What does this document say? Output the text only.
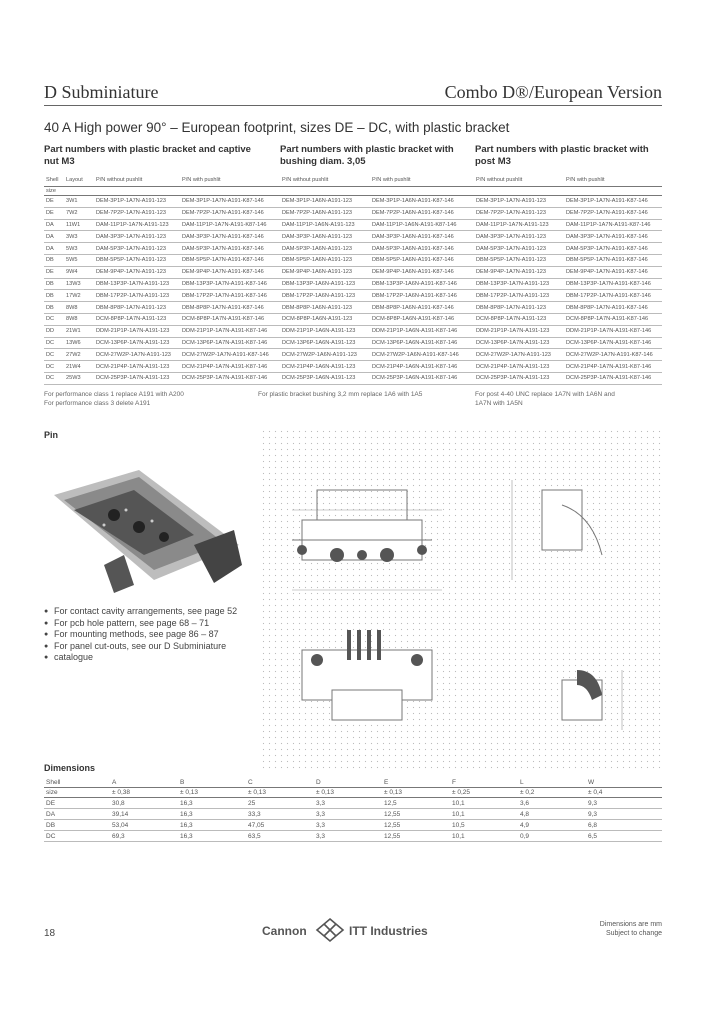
D Subminiature	Combo D®/European Version
40 A High power 90° – European footprint, sizes DE – DC, with plastic bracket
Part numbers with plastic bracket and captive nut M3
Part numbers with plastic bracket with bushing diam. 3,05
Part numbers with plastic bracket with post M3
Shell	Layout	P/N without pushlit	P/N with pushlit	P/N without pushlit	P/N with pushlit	P/N without pushlit	P/N with pushlit
size							
DE	3W1	DEM-3P1P-1A7N-A191-123	DEM-3P1P-1A7N-A191-K87-146	DEM-3P1P-1A6N-A191-123	DEM-3P1P-1A6N-A191-K87-146	DEM-3P1P-1A7N-A191-123	DEM-3P1P-1A7N-A191-K87-146
DE	7W2	DEM-7P2P-1A7N-A191-123	DEM-7P2P-1A7N-A191-K87-146	DEM-7P2P-1A6N-A191-123	DEM-7P2P-1A6N-A191-K87-146	DEM-7P2P-1A7N-A191-123	DEM-7P2P-1A7N-A191-K87-146
DA	11W1	DAM-11P1P-1A7N-A191-123	DAM-11P1P-1A7N-A191-K87-146	DAM-11P1P-1A6N-A191-123	DAM-11P1P-1A6N-A191-K87-146	DAM-11P1P-1A7N-A191-123	DAM-11P1P-1A7N-A191-K87-146
DA	3W3	DAM-3P3P-1A7N-A191-123	DAM-3P3P-1A7N-A191-K87-146	DAM-3P3P-1A6N-A191-123	DAM-3P3P-1A6N-A191-K87-146	DAM-3P3P-1A7N-A191-123	DAM-3P3P-1A7N-A191-K87-146
DA	5W3	DAM-5P3P-1A7N-A191-123	DAM-5P3P-1A7N-A191-K87-146	DAM-5P3P-1A6N-A191-123	DAM-5P3P-1A6N-A191-K87-146	DAM-5P3P-1A7N-A191-123	DAM-5P3P-1A7N-A191-K87-146
DB	5W5	DBM-5P5P-1A7N-A191-123	DBM-5P5P-1A7N-A191-K87-146	DBM-5P5P-1A6N-A191-123	DBM-5P5P-1A6N-A191-K87-146	DBM-5P5P-1A7N-A191-123	DBM-5P5P-1A7N-A191-K87-146
DE	9W4	DEM-9P4P-1A7N-A191-123	DEM-9P4P-1A7N-A191-K87-146	DEM-9P4P-1A6N-A191-123	DEM-9P4P-1A6N-A191-K87-146	DEM-9P4P-1A7N-A191-123	DEM-9P4P-1A7N-A191-K87-146
DB	13W3	DBM-13P3P-1A7N-A191-123	DBM-13P3P-1A7N-A191-K87-146	DBM-13P3P-1A6N-A191-123	DBM-13P3P-1A6N-A191-K87-146	DBM-13P3P-1A7N-A191-123	DBM-13P3P-1A7N-A191-K87-146
DB	17W2	DBM-17P2P-1A7N-A191-123	DBM-17P2P-1A7N-A191-K87-146	DBM-17P2P-1A6N-A191-123	DBM-17P2P-1A6N-A191-K87-146	DBM-17P2P-1A7N-A191-123	DBM-17P2P-1A7N-A191-K87-146
DB	8W8	DBM-8P8P-1A7N-A191-123	DBM-8P8P-1A7N-A191-K87-146	DBM-8P8P-1A6N-A191-123	DBM-8P8P-1A6N-A191-K87-146	DBM-8P8P-1A7N-A191-123	DBM-8P8P-1A7N-A191-K87-146
DC	8W8	DCM-8P8P-1A7N-A191-123	DCM-8P8P-1A7N-A191-K87-146	DCM-8P8P-1A6N-A191-123	DCM-8P8P-1A6N-A191-K87-146	DCM-8P8P-1A7N-A191-123	DCM-8P8P-1A7N-A191-K87-146
DD	21W1	DDM-21P1P-1A7N-A191-123	DDM-21P1P-1A7N-A191-K87-146	DDM-21P1P-1A6N-A191-123	DDM-21P1P-1A6N-A191-K87-146	DDM-21P1P-1A7N-A191-123	DDM-21P1P-1A7N-A191-K87-146
DC	13W6	DCM-13P6P-1A7N-A191-123	DCM-13P6P-1A7N-A191-K87-146	DCM-13P6P-1A6N-A191-123	DCM-13P6P-1A6N-A191-K87-146	DCM-13P6P-1A7N-A191-123	DCM-13P6P-1A7N-A191-K87-146
DC	27W2	DCM-27W2P-1A7N-A191-123	DCM-27W2P-1A7N-A191-K87-146	DCM-27W2P-1A6N-A191-123	DCM-27W2P-1A6N-A191-K87-146	DCM-27W2P-1A7N-A191-123	DCM-27W2P-1A7N-A191-K87-146
DC	21W4	DCM-21P4P-1A7N-A191-123	DCM-21P4P-1A7N-A191-K87-146	DCM-21P4P-1A6N-A191-123	DCM-21P4P-1A6N-A191-K87-146	DCM-21P4P-1A7N-A191-123	DCM-21P4P-1A7N-A191-K87-146
DC	25W3	DCM-25P3P-1A7N-A191-123	DCM-25P3P-1A7N-A191-K87-146	DCM-25P3P-1A6N-A191-123	DCM-25P3P-1A6N-A191-K87-146	DCM-25P3P-1A7N-A191-123	DCM-25P3P-1A7N-A191-K87-146
For performance class 1 replace A191 with A200
For performance class 3 delete A191
For plastic bracket bushing 3,2 mm replace 1A6 with 1A5	For post 4-40 UNC replace 1A7N with 1A6N and
1A7N with 1A5N
Pin
● For contact cavity arrangements, see page 52
● For pcb hole pattern, see page 68 – 71
● For mounting methods, see page 86 – 87
● For panel cut-outs, see our D Subminiature
● catalogue
Dimensions
Shell	A	B	C	D	E	F	L	W
size	± 0,38	± 0,13	± 0,13	± 0,13	± 0,13	± 0,25	± 0,2	± 0,4
DE	30,8	16,3	25	3,3	12,5	10,1	3,6	9,3
DA	39,14	16,3	33,3	3,3	12,55	10,1	4,8	9,3
DB	53,04	16,3	47,05	3,3	12,55	10,5	4,9	6,8
DC	69,3	16,3	63,5	3,3	12,55	10,1	0,9	6,5
18	Cannon	ITT Industries	Dimensions are mm
Subject to change
